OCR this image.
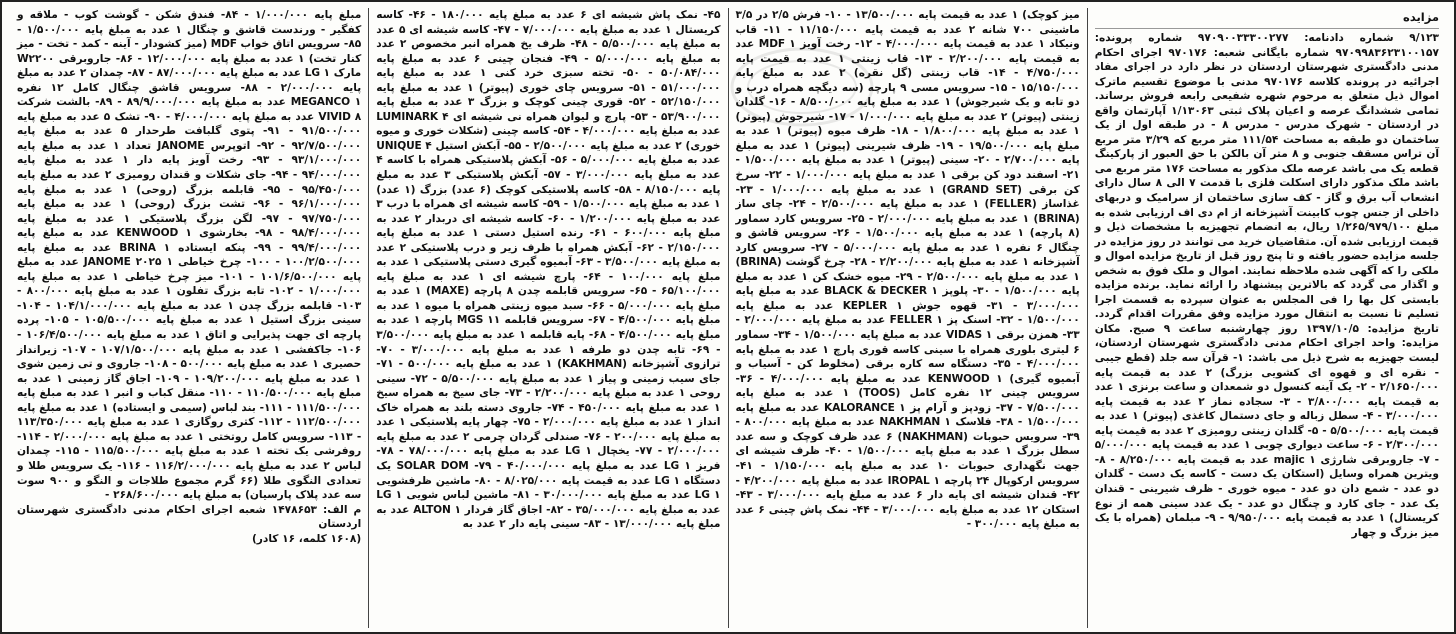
مزایده

۹/۱۲۳ شماره دادنامه: ۹۷۰۹۰۰۳۳۳۰۰۲۷۷ شماره پرونده: ۹۷۰۹۹۸۳۶۲۳۱۰۰۱۵۷ شماره بایگانی شعبه: ۹۷۰۱۷۶ اجرای احکام مدنی دادگستری شهرستان اردستان در نظر دارد در اجرای مفاد اجرائیه در پرونده کلاسه ۹۷۰۱۷۶ مدنی با موضوع تقسیم ماترک اموال ذیل متعلق به مرحوم شهره شفیعی رابعه فروش برساند. تمامی ششدانگ عرصه و اعیان پلاک ثبتی ۱/۱۳۰۶۳ آپارتمان واقع در اردستان - شهرک مدرس - مدرس ۸ - در طبقه اول از یک ساختمان دو طبقه به مساحت ۱۱۱/۵۴ متر مربع که ۳/۲۹ متر مربع آن تراس مسقف جنوبی و ۸ متر آن بالکن با حق العبور از پارکینگ قطعه یک می باشد عرصه ملک مذکور به مساحت ۱۷۶ متر مربع می باشد ملک مذکور دارای اسکلت فلزی با قدمت ۷ الی ۸ سال دارای انشعاب آب برق و گاز - کف سازی ساختمان از سرامیک و دربهای داخلی از جنس چوب کابینت آشپزخانه از ام دی اف ارزیابی شده به مبلغ ۱/۲۶۵/۹۷۹/۱۰۰ ریال، به انضمام تجهیزیه با مشخصات ذیل و قیمت ارزیابی شده آن. متقاضیان خرید می توانند در روز مزایده در جلسه مزایده حضور یافته و تا پنج روز قبل از تاریخ مزایده اموال و ملکی را که آگهی شده ملاحظه نمایند. اموال و ملک فوق به شخص و اگذار می گردد که بالاترین پیشنهاد را ارائه نماید. برنده مزایده بایستی کل بها را فی المجلس به عنوان سپرده به قسمت اجرا تسلیم تا نسبت به انتقال مورد مزایده وفق مقررات اقدام گردد. تاریخ مزایده: ۱۳۹۷/۱۰/۵ روز چهارشنبه ساعت ۹ صبح. مکان مزایده: واحد اجرای احکام مدنی دادگستری شهرستان اردستان، لیست جهیزیه به شرح ذیل می باشد: ۱- قرآن سه جلد (قطع جیبی - نقره ای و قهوه ای کشویی بزرگ) ۲ عدد به قیمت پایه ۲/۱۶۵۰/۰۰۰ - ۲- یک آینه کنسول دو شمعدان و ساعت برنزی ۱ عدد به قیمت پایه ۳/۸۰۰/۰۰۰ - ۳- سجاده نماز ۲ عدد به قیمت پایه ۳/۰۰۰/۰۰۰ - ۴- سطل زباله و جای دستمال کاغذی (پیوتر) ۱ عدد به قیمت پایه ۵/۵۰۰/۰۰۰ - ۵- گلدان زینتی رومیزی ۲ عدد به قیمت پایه ۲/۳۰۰/۰۰۰ - ۶- ساعت دیواری چوبی ۱ عدد به قیمت پایه ۵/۰۰۰/۰۰۰ - ۷- جاروبرقی شارژی majic ۱ عدد به قیمت پایه ۸/۲۵۰/۰۰۰ - ۸- ویترین همراه وسایل (استکان یک دست - کاسه یک دست - گلدان دو عدد - شمع دان دو عدد - میوه خوری - ظرف شیرینی - قندان یک عدد - جای کارد و چنگال دو عدد - یک عدد سینی همه از نوع کریستال) ۱ عدد به قیمت پایه ۹/۹۵۰/۰۰۰ - ۹- مبلمان (همراه با یک میز بزرگ و چهار

میز کوچک) ۱ عدد به قیمت پایه ۱۳/۵۰۰/۰۰۰ - ۱۰- فرش ۲/۵ در ۳/۵ ماشینی ۷۰۰ شانه ۲ عدد به قیمت پایه ۱۱/۱۵۰/۰۰۰ - ۱۱- قاب ونیکاد ۱ عدد به قیمت پایه ۴/۰۰۰/۰۰۰ - ۱۲- رخت آویز MDF ۱ عدد به قیمت پایه ۲/۲۰۰/۰۰۰ - ۱۳- قاب زینتی ۱ عدد به قیمت پایه ۴/۷۵۰/۰۰۰ - ۱۴- قاب زینتی (گل نقره) ۲ عدد به مبلغ پایه ۱۵/۱۵۰/۰۰۰ - ۱۵- سرویس مسی ۹ پارچه (سه دیگچه همراه درب و دو تابه و یک شیرجوش) ۱ عدد به مبلغ پایه ۸/۵۰۰/۰۰۰ - ۱۶- گلدان زینتی (پیوتر) ۲ عدد به مبلغ پایه ۱/۰۰۰/۰۰۰ - ۱۷- شیرجوش (پیوتر) ۱ عدد به مبلغ پایه ۱/۸۰۰/۰۰۰ - ۱۸- ظرف میوه (پیوتر) ۱ عدد به مبلغ پایه ۱۹/۵۰۰/۰۰۰ - ۱۹- ظرف شیرینی (پیوتر) ۱ عدد به مبلغ پایه ۲/۷۰۰/۰۰۰ - ۲۰- سینی (پیوتر) ۱ عدد به مبلغ پایه ۱/۵۰۰/۰۰۰ - ۲۱- اسفند دود کن برقی ۱ عدد به مبلغ پایه ۱/۰۰۰/۰۰۰ - ۲۲- سرخ کن برقی (GRAND SET) ۱ عدد به مبلغ پایه ۱/۰۰۰/۰۰۰ - ۲۳- غذاساز (FELLER) ۱ عدد به مبلغ پایه ۲/۵۰۰/۰۰۰ - ۲۴- چای ساز (BRINA) ۱ عدد به مبلغ پایه ۲/۰۰۰/۰۰۰ - ۲۵- سرویس کارد سماور (۸ پارچه) ۱ عدد به مبلغ پایه ۱/۵۰۰/۰۰۰ - ۲۶- سرویس قاشق و چنگال ۶ نفره ۱ عدد به مبلغ پایه ۵/۰۰۰/۰۰۰ - ۲۷- سرویس کارد آشپزخانه ۱ عدد به مبلغ پایه ۲/۲۰۰/۰۰۰ - ۲۸- چرخ گوشت (BRINA) ۱ عدد به مبلغ پایه ۲/۵۰۰/۰۰۰ - ۲۹- میوه خشک کن ۱ عدد به مبلغ پایه ۱/۵۰۰/۰۰۰ - ۳۰- پلوپز BLACK & DECKER ۱ عدد به مبلغ پایه ۳/۰۰۰/۰۰۰ - ۳۱- قهوه جوش KEPLER ۱ عدد به مبلغ پایه ۱/۵۰۰/۰۰۰ - ۳۲- اسنک پز FELLER ۱ عدد به مبلغ پایه ۲/۰۰۰/۰۰۰ - ۳۳- همزن برقی VIDAS ۱ عدد به مبلغ پایه ۱/۵۰۰/۰۰۰ - ۳۴- سماور ۶ لیتری بلوری همراه با سینی کاسه قوری پارچ ۱ عدد به مبلغ پایه ۴/۰۰۰/۰۰۰ - ۳۵- دستگاه سه کاره برقی (مخلوط کن - آسیاب و آبمیوه گیری) KENWOOD ۱ عدد به مبلغ پایه ۴/۰۰۰/۰۰۰ - ۳۶- سرویس چینی ۱۲ نفره کامل (TOOS) ۱ عدد به مبلغ پایه ۷/۵۰۰/۰۰۰ - ۳۷- زودپز و آرام پز KALORANCE ۱ عدد به مبلغ پایه ۱/۵۰۰/۰۰۰ - ۳۸- فلاسک NAKHMAN ۱ عدد به مبلغ پایه ۸۰۰/۰۰۰ - ۳۹- سرویس حبوبات (NAKHMAN) ۶ عدد ظرف کوچک و سه عدد سطل بزرگ ۱ عدد به مبلغ پایه ۱/۵۰۰/۰۰۰ - ۴۰- ظرف شیشه ای جهت نگهداری حبوبات ۱۰ عدد به مبلغ پایه ۱/۱۵۰/۰۰۰ - ۴۱- سرویس ارکوپال ۲۴ پارچه IROPAL ۱ عدد به مبلغ پایه ۴/۲۰۰/۰۰۰ - ۴۲- قندان شیشه ای پایه دار ۶ عدد به مبلغ پایه ۳/۰۰۰/۰۰۰ - ۴۳- استکان ۱۲ عدد به مبلغ پایه ۳/۰۰۰/۰۰۰ - ۴۴- نمک پاش چینی ۶ عدد به مبلغ پایه ۳۰۰/۰۰۰ -

۴۵- نمک پاش شیشه ای ۶ عدد به مبلغ پایه ۱۸۰/۰۰۰ - ۴۶- کاسه کریستال ۱ عدد به مبلغ پایه ۷/۰۰۰/۰۰۰ - ۴۷- کاسه شیشه ای ۵ عدد به مبلغ پایه ۵/۵۰۰/۰۰۰ - ۴۸- ظرف یخ همراه انبر مخصوص ۲ عدد به مبلغ پایه ۵/۰۰۰/۰۰۰ - ۴۹- فنجان چینی ۶ عدد به مبلغ پایه ۵۰/۰۸۴/۰۰۰ - ۵۰- تخته سبزی خرد کنی ۱ عدد به مبلغ پایه ۵۱/۰۰۰/۰۰۰ - ۵۱- سرویس چای خوری (پیوتر) ۱ عدد به مبلغ پایه ۵۲/۱۵۰/۰۰۰ - ۵۲- قوری چینی کوچک و بزرگ ۳ عدد به مبلغ پایه ۵۳/۹۰۰/۰۰۰ - ۵۳- پارچ و لیوان همراه نی شیشه ای LUMINARK ۴ عدد به مبلغ پایه ۴/۰۰۰/۰۰۰ - ۵۴- کاسه چینی (شکلات خوری و میوه خوری) ۲ عدد به مبلغ پایه ۲/۵۰۰/۰۰۰ - ۵۵- آبکش استیل UNIQUE ۴ عدد به مبلغ پایه ۵/۰۰۰/۰۰۰ - ۵۶- آبکش پلاستیکی همراه با کاسه ۴ عدد به مبلغ پایه ۳/۰۰۰/۰۰۰ - ۵۷- آبکش پلاستیکی ۳ عدد به مبلغ پایه ۸/۱۵۰/۰۰۰ - ۵۸- کاسه پلاستیکی کوچک (۶ عدد) بزرگ (۱ عدد) ۱ عدد به مبلغ پایه ۱/۵۰۰/۰۰۰ - ۵۹- کاسه شیشه ای همراه با درب ۳ عدد به مبلغ پایه ۱/۲۰۰/۰۰۰ - ۶۰- کاسه شیشه ای دربدار ۲ عدد به مبلغ پایه ۶۰۰/۰۰۰ - ۶۱- رنده استیل دستی ۱ عدد به مبلغ پایه ۲/۱۵۰/۰۰۰ - ۶۲- آبکش همراه با ظرف زیر و درب پلاستیکی ۲ عدد به مبلغ پایه ۳/۵۰۰/۰۰۰ - ۶۳- آبمیوه گیری دستی پلاستیکی ۱ عدد به مبلغ پایه ۱۰۰/۰۰۰ - ۶۴- پارچ شیشه ای ۱ عدد به مبلغ پایه ۶۵/۱۰۰/۰۰۰ - ۶۵- سرویس قابلمه چدن ۸ پارچه (MAXE) ۱ عدد به مبلغ پایه ۵/۰۰۰/۰۰۰ - ۶۶- سبد میوه زینتی همراه با میوه ۱ عدد به مبلغ پایه ۴/۵۰۰/۰۰۰ - ۶۷- سرویس قابلمه MGS ۱۱ پارچه ۱ عدد به مبلغ پایه ۴/۵۰۰/۰۰۰ - ۶۸- پایه قابلمه ۱ عدد به مبلغ پایه ۳/۵۰۰/۰۰۰ - ۶۹- تابه چدن دو طرفه ۱ عدد به مبلغ پایه ۳/۰۰۰/۰۰۰ - ۷۰- ترازوی آشپزخانه (KAKHMAN) ۱ عدد به مبلغ پایه ۵۰۰/۰۰۰ - ۷۱- جای سیب زمینی و پیاز ۱ عدد به مبلغ پایه ۵/۵۰۰/۰۰۰ - ۷۲- سینی روحی ۱ عدد به مبلغ پایه ۲/۲۰۰/۰۰۰ - ۷۳- جای سیخ به همراه سیخ ۱ عدد به مبلغ پایه ۴۵۰/۰۰۰ - ۷۴- جاروی دسته بلند به همراه خاک انداز ۱ عدد به مبلغ پایه ۲/۰۰۰/۰۰۰ - ۷۵- چهار پایه پلاستیکی ۱ عدد به مبلغ پایه ۲۰۰/۰۰۰ - ۷۶- صندلی گردان چرمی ۲ عدد به مبلغ پایه ۲/۰۰۰/۰۰۰ - ۷۷- یخچال LG ۱ عدد به مبلغ پایه ۷۸/۰۰۰/۰۰۰ - ۷۸- فریز LG ۱ عدد به مبلغ پایه ۴۰/۰۰۰/۰۰۰ - ۷۹- SOLAR DOM یک دستگاه LG ۱ عدد به قیمت پایه ۸/۰۲۵/۰۰۰ - ۸۰- ماشین ظرفشویی LG ۱ عدد به مبلغ پایه ۳۰/۰۰۰/۰۰۰ - ۸۱- ماشین لباس شویی LG ۱ عدد به مبلغ پایه ۳۵/۰۰۰/۰۰۰ - ۸۲- اجاق گاز فردار ALTON ۱ عدد به مبلغ پایه ۱۳/۰۰۰/۰۰۰ - ۸۳- سینی پایه دار ۲ عدد به

مبلغ پایه ۱/۰۰۰/۰۰۰ - ۸۴- فندق شکن - گوشت کوب - ملاقه و کفگیر - ورندست قاشق و چنگال ۱ عدد به مبلغ پایه ۱/۵۰۰/۰۰۰ - ۸۵- سرویس اتاق خواب MDF (میز کشودار - آینه - کمد - تخت - میز کنار تخت) ۱ عدد به مبلغ پایه ۱۲/۰۰۰/۰۰۰ - ۸۶- جاروبرقی W۲۲۰۰ مارک LG ۱ عدد به مبلغ پایه ۸۷/۰۰۰/۰۰۰ - ۸۷- چمدان ۲ عدد به مبلغ پایه ۲/۰۰۰/۰۰۰ - ۸۸- سرویس قاشق چنگال کامل ۱۲ نفره MEGANCO ۱ عدد به مبلغ پایه ۸۹/۹/۰۰۰/۰۰۰ - ۸۹- بالشت شرکت VIVID ۸ عدد به مبلغ پایه ۴/۰۰۰/۰۰۰ - ۹۰- تشک ۵ عدد به مبلغ پایه ۹۱/۵۰۰/۰۰۰ - ۹۱- پتوی گلبافت طرحدار ۵ عدد به مبلغ پایه ۹۲/۷/۵۰۰/۰۰۰ - ۹۲- اتوپرس JANOME تعداد ۱ عدد به مبلغ پایه ۹۳/۱/۰۰۰/۰۰۰ - ۹۳- رخت آویز پایه دار ۱ عدد به مبلغ پایه ۹۴/۰۰۰/۰۰۰ - ۹۴- جای شکلات و قندان رومیزی ۲ عدد به مبلغ پایه ۹۵/۴۵۰/۰۰۰ - ۹۵- قابلمه بزرگ (روحی) ۱ عدد به مبلغ پایه ۹۶/۱/۰۰۰/۰۰۰ - ۹۶- تشت بزرگ (روحی) ۱ عدد به مبلغ پایه ۹۷/۷۵۰/۰۰۰ - ۹۷- لگن بزرگ پلاستیکی ۱ عدد به مبلغ پایه ۹۸/۴/۰۰۰/۰۰۰ - ۹۸- بخارشوی KENWOOD ۱ عدد به مبلغ پایه ۹۹/۴/۰۰۰/۰۰۰ - ۹۹- پنکه ایستاده BRINA ۱ عدد به مبلغ پایه ۱۰۰/۲/۵۰۰/۰۰۰ - ۱۰۰- چرخ خیاطی JANOME ۲۰۲۵ ۱ عدد به مبلغ پایه ۱۰۱/۶/۵۰۰/۰۰۰ - ۱۰۱- میز چرخ خیاطی ۱ عدد به مبلغ پایه ۱/۰۰۰/۰۰۰ - ۱۰۲- تابه بزرگ تفلون ۱ عدد به مبلغ پایه ۸۰۰/۰۰۰ - ۱۰۳- قابلمه بزرگ چدن ۱ عدد به مبلغ پایه ۱۰۴/۱/۰۰۰/۰۰۰ - ۱۰۴- سینی بزرگ استیل ۱ عدد به مبلغ پایه ۱۰۵/۵۰۰/۰۰۰ - ۱۰۵- پرده پارچه ای جهت پذیرایی و اتاق ۱ عدد به مبلغ پایه ۱۰۶/۴/۵۰۰/۰۰۰ - ۱۰۶- جاکفشی ۱ عدد به مبلغ پایه ۱۰۷/۱/۵۰۰/۰۰۰ - ۱۰۷- زیرانداز حصیری ۱ عدد به مبلغ پایه ۵۰۰/۰۰۰ - ۱۰۸- جاروی و تی زمین شوی ۱ عدد به مبلغ پایه ۱۰۹/۲۰۰/۰۰۰ - ۱۰۹- اجاق گاز زمینی ۱ عدد به مبلغ پایه ۱۱۰/۵۰۰/۰۰۰ - ۱۱۰- منقل کباب و انبر ۱ عدد به مبلغ پایه ۱۱۱/۵۰۰/۰۰۰ - ۱۱۱- بند لباس (سیمی و ایستاده) ۱ عدد به مبلغ پایه ۱۱۲/۵۰۰/۰۰۰ - ۱۱۲- کتری روگازی ۱ عدد به مبلغ پایه ۱۱۳/۳۵۰/۰۰۰ - ۱۱۳- سرویس کامل روتختی ۱ عدد به مبلغ پایه ۲/۰۰۰/۰۰۰ - ۱۱۴- روفرشی یک تخته ۱ عدد به مبلغ پایه ۱۱۵/۵۰۰/۰۰۰ - ۱۱۵- چمدان لباس ۲ عدد به مبلغ پایه ۱۱۶/۲/۰۰۰/۰۰۰ - ۱۱۶- یک سرویس طلا و تعدادی النگوی طلا (۶۶ گرم مجموع طلاجات و النگو و ۹۰۰ سوت سه عدد پلاک پارسیان) به مبلغ پایه ۲۶۸/۶۰۰/۰۰۰ -

م الف: ۱۴۷۸۶۵۳ شعبه اجرای احکام مدنی دادگستری شهرستان اردستان

(۱۶۰۸ کلمه، ۱۶ کادر)
